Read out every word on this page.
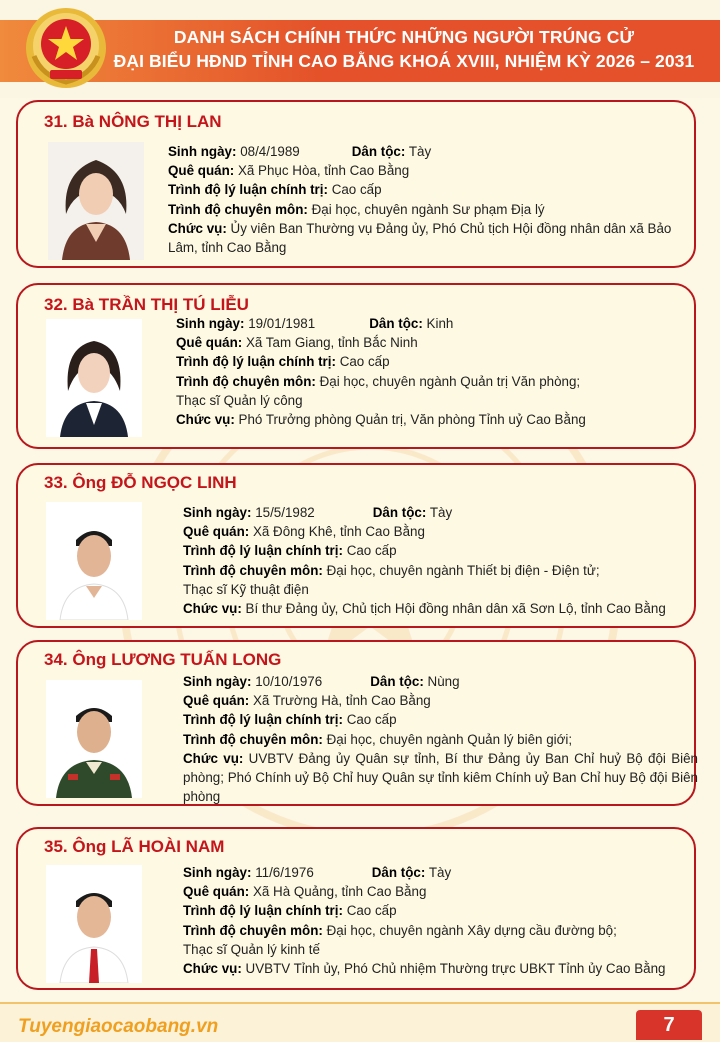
DANH SÁCH CHÍNH THỨC NHỮNG NGƯỜI TRÚNG CỬ
ĐẠI BIỂU HĐND TỈNH CAO BẰNG KHOÁ XVIII, NHIỆM KỲ 2026 – 2031
31. Bà NÔNG THỊ LAN
Sinh ngày: 08/4/1989	Dân tộc: Tày
Quê quán: Xã Phục Hòa, tỉnh Cao Bằng
Trình độ lý luận chính trị: Cao cấp
Trình độ chuyên môn: Đại học, chuyên ngành Sư phạm Địa lý
Chức vụ: Ủy viên Ban Thường vụ Đảng ủy, Phó Chủ tịch Hội đồng nhân dân xã Bảo Lâm, tỉnh Cao Bằng
32. Bà TRẦN THỊ TÚ LIỄU
Sinh ngày: 19/01/1981	Dân tộc: Kinh
Quê quán: Xã Tam Giang, tỉnh Bắc Ninh
Trình độ lý luận chính trị: Cao cấp
Trình độ chuyên môn: Đại học, chuyên ngành Quản trị Văn phòng;
Thạc sĩ Quản lý công
Chức vụ: Phó Trưởng phòng Quản trị, Văn phòng Tỉnh uỷ Cao Bằng
33. Ông ĐỖ NGỌC LINH
Sinh ngày: 15/5/1982	Dân tộc: Tày
Quê quán: Xã Đông Khê, tỉnh Cao Bằng
Trình độ lý luận chính trị: Cao cấp
Trình độ chuyên môn: Đại học, chuyên ngành Thiết bị điện - Điện tử;
Thạc sĩ Kỹ thuật điện
Chức vụ: Bí thư Đảng ủy, Chủ tịch Hội đồng nhân dân xã Sơn Lộ, tỉnh Cao Bằng
34. Ông LƯƠNG TUẤN LONG
Sinh ngày: 10/10/1976	Dân tộc: Nùng
Quê quán: Xã Trường Hà, tỉnh Cao Bằng
Trình độ lý luận chính trị: Cao cấp
Trình độ chuyên môn: Đại học, chuyên ngành Quản lý biên giới;
Chức vụ: UVBTV Đảng ủy Quân sự tỉnh, Bí thư Đảng ủy Ban Chỉ huỷ Bộ đội Biên phòng; Phó Chính uỷ Bộ Chỉ huy Quân sự tỉnh kiêm Chính uỷ Ban Chỉ huy Bộ đội Biên phòng
35. Ông LÃ HOÀI NAM
Sinh ngày: 11/6/1976	Dân tộc: Tày
Quê quán: Xã Hà Quảng, tỉnh Cao Bằng
Trình độ lý luận chính trị: Cao cấp
Trình độ chuyên môn: Đại học, chuyên ngành Xây dựng cầu đường bộ;
Thạc sĩ Quản lý kinh tế
Chức vụ: UVBTV Tỉnh ủy, Phó Chủ nhiệm Thường trực UBKT Tỉnh ủy Cao Bằng
Tuyengiaocaobang.vn	7
